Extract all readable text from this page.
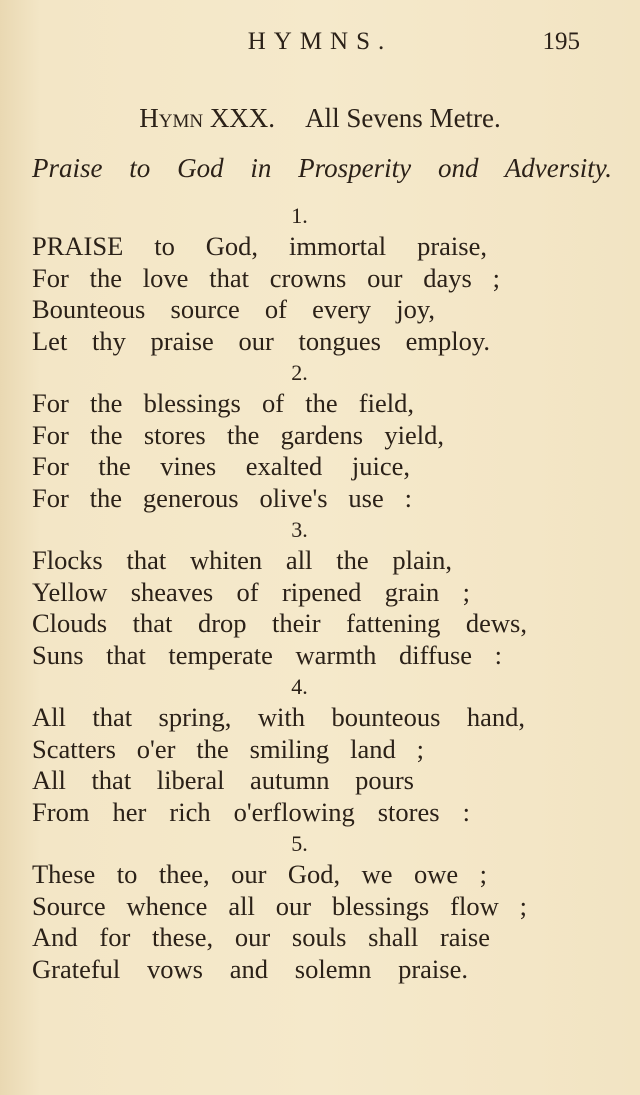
HYMNS.	195
Hymn XXX. All Sevens Metre.
Praise to God in Prosperity ond Adversity.
1.
PRAISE to God, immortal praise,
For the love that crowns our days ;
Bounteous source of every joy,
Let thy praise our tongues employ.
2.
For the blessings of the field,
For the stores the gardens yield,
For the vines exalted juice,
For the generous olive's use :
3.
Flocks that whiten all the plain,
Yellow sheaves of ripened grain ;
Clouds that drop their fattening dews,
Suns that temperate warmth diffuse :
4.
All that spring, with bounteous hand,
Scatters o'er the smiling land ;
All that liberal autumn pours
From her rich o'erflowing stores :
5.
These to thee, our God, we owe ;
Source whence all our blessings flow ;
And for these, our souls shall raise
Grateful vows and solemn praise.
